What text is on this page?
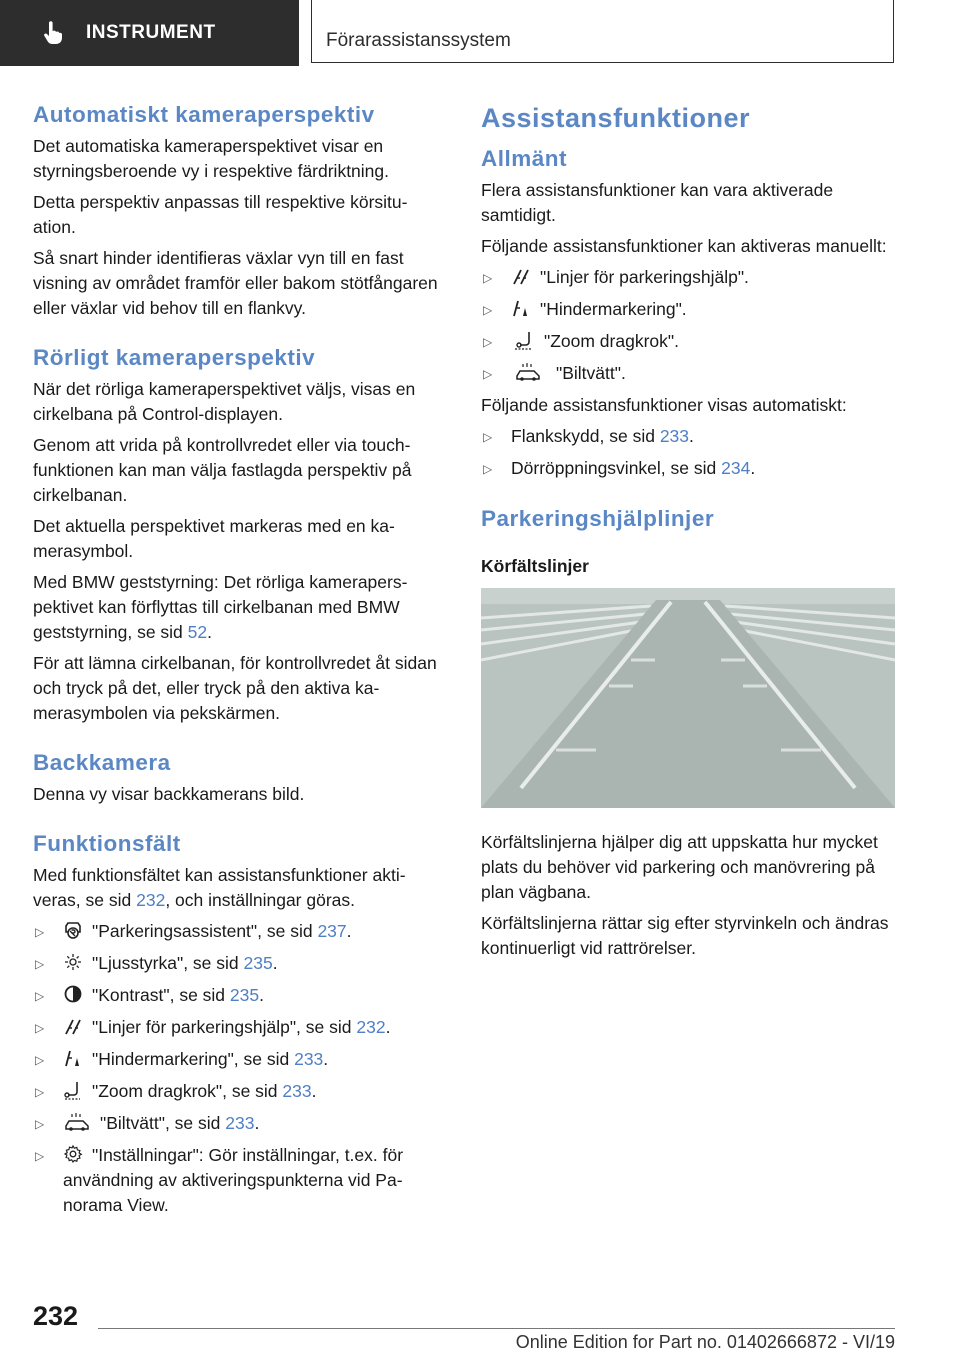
INSTRUMENT	Förarassistanssystem
Automatiskt kameraperspektiv

Det automatiska kameraperspektivet visar en styrningsberoende vy i respektive färdriktning.

Detta perspektiv anpassas till respektive körsituation.

Så snart hinder identifieras växlar vyn till en fast visning av området framför eller bakom stötfångaren eller växlar vid behov till en flankvy.

Rörligt kameraperspektiv

När det rörliga kameraperspektivet väljs, visas en cirkelbana på Control-displayen.

Genom att vrida på kontrollvredet eller via touchfunktionen kan man välja fastlagda perspektiv på cirkelbanan.

Det aktuella perspektivet markeras med en kamerasymbol.

Med BMW geststyrning: Det rörliga kameraperspektivet kan förflyttas till cirkelbanan med BMW geststyrning, se sid 52.

För att lämna cirkelbanan, för kontrollvredet åt sidan och tryck på det, eller tryck på den aktiva kamerasymbolen via pekskärmen.

Backkamera

Denna vy visar backkamerans bild.

Funktionsfält

Med funktionsfältet kan assistansfunktioner aktiveras, se sid 232, och inställningar göras.

▷	"Parkeringsassistent", se sid 237.
▷	"Ljusstyrka", se sid 235.
▷	"Kontrast", se sid 235.
▷	"Linjer för parkeringshjälp", se sid 232.
▷	"Hindermarkering", se sid 233.
▷	"Zoom dragkrok", se sid 233.
▷	"Biltvätt", se sid 233.
▷	"Inställningar": Gör inställningar, t.ex. för användning av aktiveringspunkterna vid Panorama View.
Assistansfunktioner
Allmänt

Flera assistansfunktioner kan vara aktiverade samtidigt.

Följande assistansfunktioner kan aktiveras manuellt:

▷	"Linjer för parkeringshjälp".
▷	"Hindermarkering".
▷	"Zoom dragkrok".
▷	"Biltvätt".

Följande assistansfunktioner visas automatiskt:

▷ Flankskydd, se sid 233.
▷ Dörröppningsvinkel, se sid 234.
Parkeringshjälplinjer
Körfältslinjer

Körfältslinjerna hjälper dig att uppskatta hur mycket plats du behöver vid parkering och manövrering på plan vägbana.

Körfältslinjerna rättar sig efter styrvinkeln och ändras kontinuerligt vid rattrörelser.

232
Online Edition for Part no. 01402666872 - VI/19
